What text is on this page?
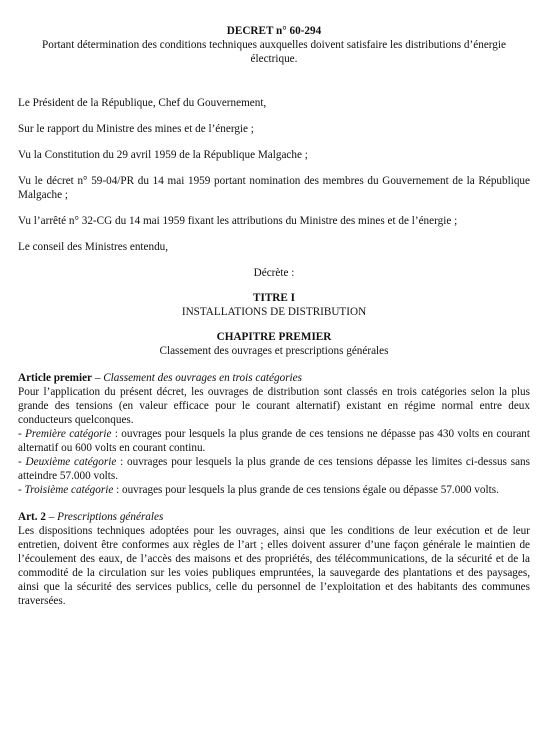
DECRET n° 60-294

Portant détermination des conditions techniques auxquelles doivent satisfaire les distributions d’énergie électrique.

Le Président de la République, Chef du Gouvernement,

Sur le rapport du Ministre des mines et de l’énergie ;

Vu la Constitution du 29 avril 1959 de la République Malgache ;

Vu le décret n° 59-04/PR du 14 mai 1959 portant nomination des membres du Gouvernement de la République Malgache ;

Vu l’arrêté n° 32-CG du 14 mai 1959 fixant les attributions du Ministre des mines et de l’énergie ;

Le conseil des Ministres entendu,

Décrète :

TITRE I

INSTALLATIONS DE DISTRIBUTION

CHAPITRE PREMIER

Classement des ouvrages et prescriptions générales

Article premier – Classement des ouvrages en trois catégories

Pour l’application du présent décret, les ouvrages de distribution sont classés en trois catégories selon la plus grande des tensions (en valeur efficace pour le courant alternatif) existant en régime normal entre deux conducteurs quelconques.

- Première catégorie : ouvrages pour lesquels la plus grande de ces tensions ne dépasse pas 430 volts en courant alternatif ou 600 volts en courant continu.

- Deuxième catégorie : ouvrages pour lesquels la plus grande de ces tensions dépasse les limites ci-dessus sans atteindre 57.000 volts.

- Troisième catégorie : ouvrages pour lesquels la plus grande de ces tensions égale ou dépasse 57.000 volts.

Art. 2 – Prescriptions générales

Les dispositions techniques adoptées pour les ouvrages, ainsi que les conditions de leur exécution et de leur entretien, doivent être conformes aux règles de l’art ; elles doivent assurer d’une façon générale le maintien de l’écoulement des eaux, de l’accès des maisons et des propriétés, des télécommunications, de la sécurité et de la commodité de la circulation sur les voies publiques empruntées, la sauvegarde des plantations et des paysages, ainsi que la sécurité des services publics, celle du personnel de l’exploitation et des habitants des communes traversées.
